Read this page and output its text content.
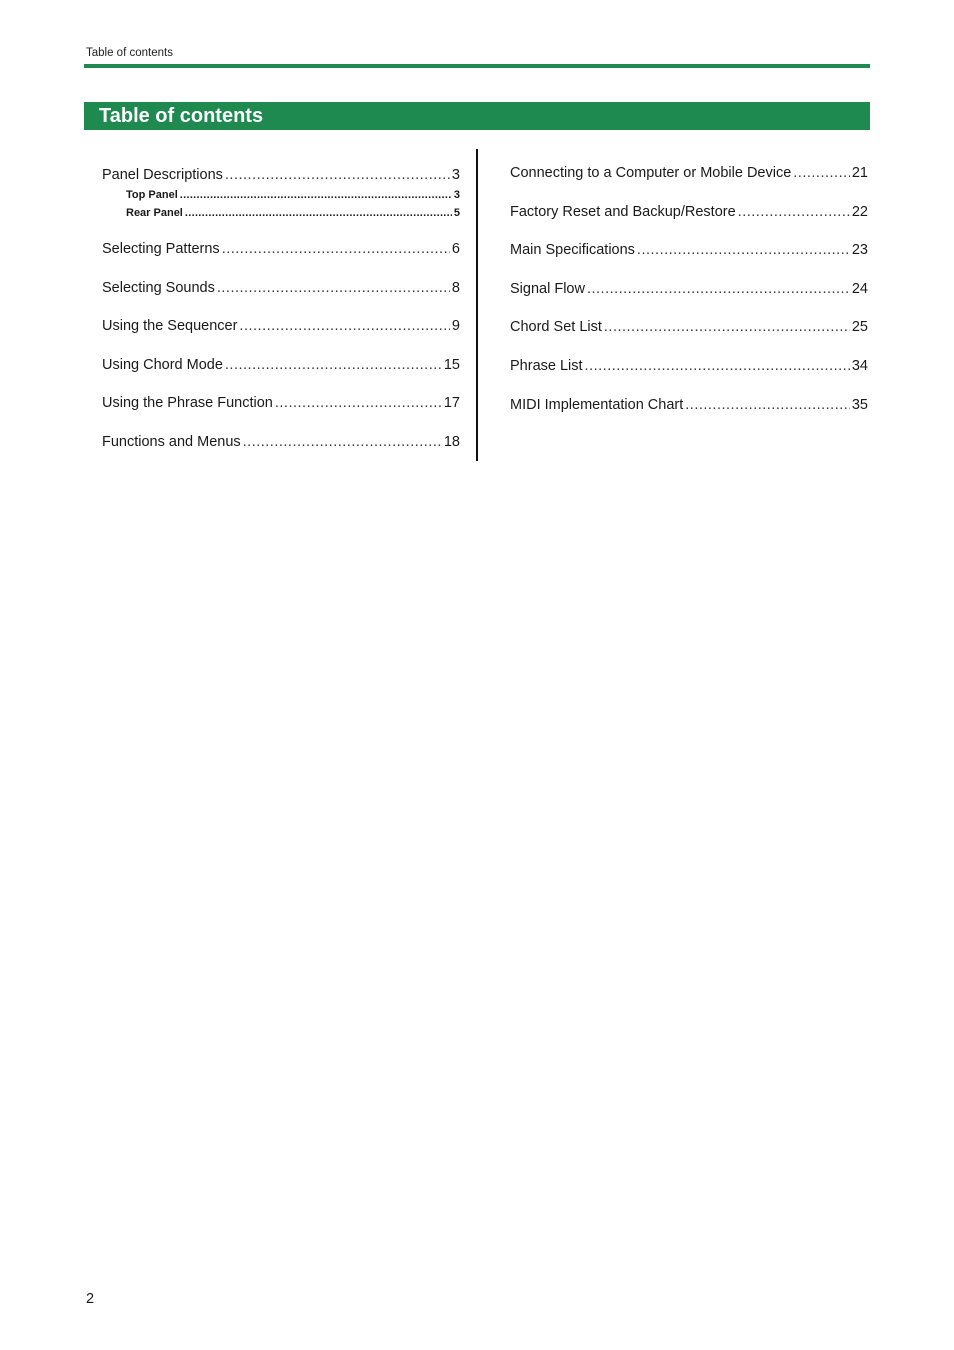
Table of contents
Table of contents
Panel Descriptions .....	3
Top Panel .....	3
Rear Panel .....	5
Selecting Patterns .....	6
Selecting Sounds .....	8
Using the Sequencer .....	9
Using Chord Mode .....	15
Using the Phrase Function .....	17
Functions and Menus .....	18
Connecting to a Computer or Mobile Device .....	21
Factory Reset and Backup/Restore .....	22
Main Specifications .....	23
Signal Flow .....	24
Chord Set List .....	25
Phrase List .....	34
MIDI Implementation Chart .....	35
2
